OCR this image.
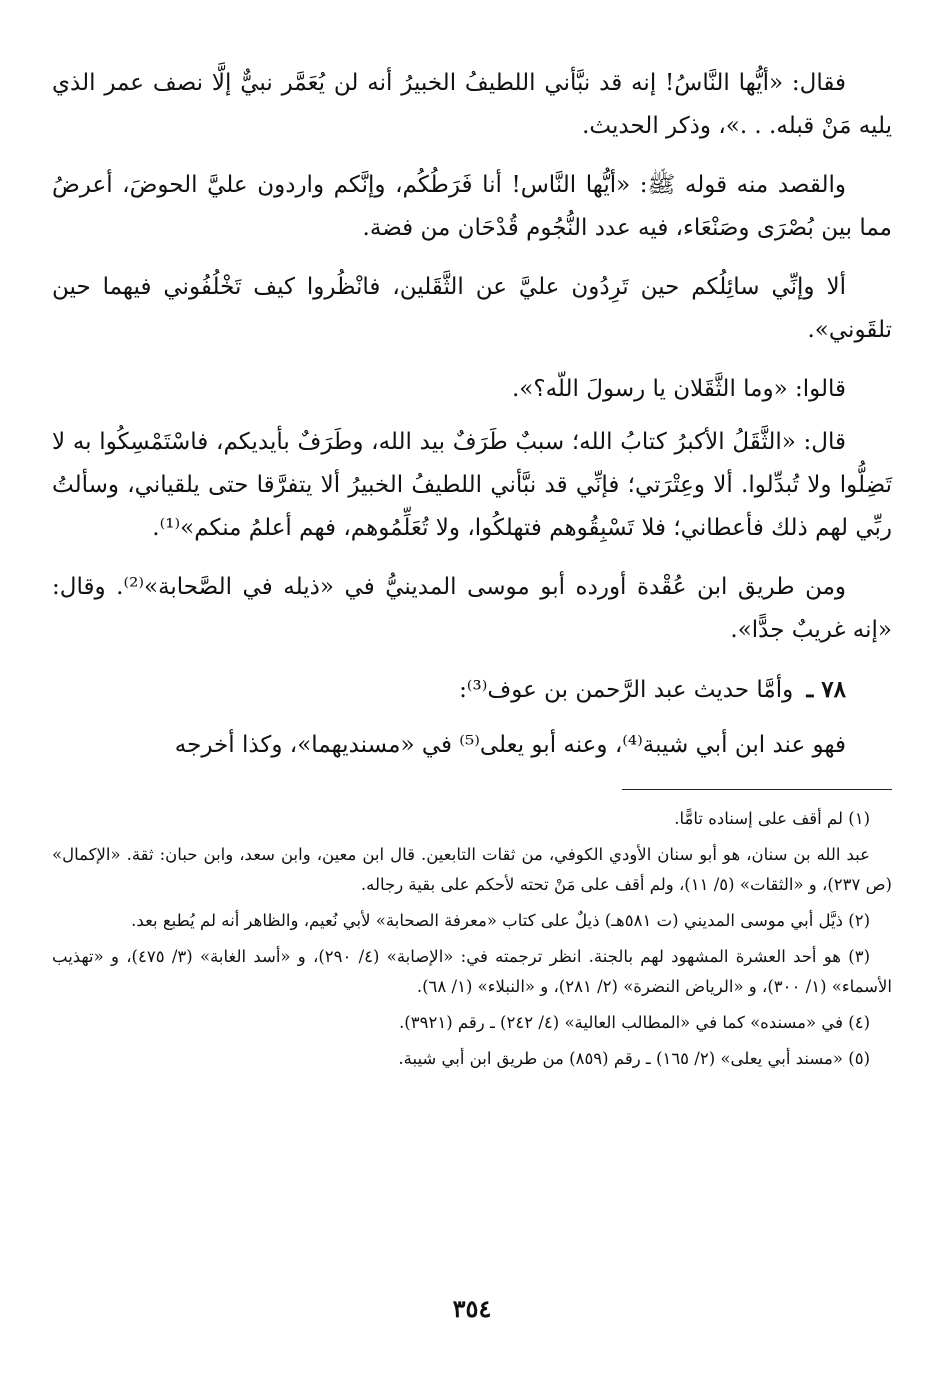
فقال: «أيُّها النَّاسُ! إنه قد نبَّأني اللطيفُ الخبيرُ أنه لن يُعَمَّر نبيٌّ إلَّا نصف عمر الذي يليه مَنْ قبله. . .»، وذكر الحديث.

والقصد منه قوله ﷺ: «أيُّها النَّاس! أنا فَرَطُكُم، وإنَّكم واردون عليَّ الحوضَ، أعرضُ مما بين بُصْرَى وصَنْعَاء، فيه عدد النُّجُوم قُدْحَان من فضة.

ألا وإنِّي سائِلُكم حين تَرِدُون عليَّ عن الثَّقَلين، فانْظُروا كيف تَخْلُفُوني فيهما حين تلقَوني».

قالوا: «وما الثَّقَلان يا رسولَ اللّه؟».

قال: «الثَّقَلُ الأكبرُ كتابُ الله؛ سببٌ طَرَفٌ بيد الله، وطَرَفٌ بأيديكم، فاسْتَمْسِكُوا به لا تَضِلُّوا ولا تُبدِّلوا. ألا وعِتْرَتي؛ فإنِّي قد نبَّأني اللطيفُ الخبيرُ ألا يتفرَّقا حتى يلقياني، وسألتُ ربِّي لهم ذلك فأعطاني؛ فلا تَسْبِقُوهم فتهلكُوا، ولا تُعَلِّمُوهم، فهم أعلمُ منكم»⁽¹⁾.

ومن طريق ابن عُقْدة أورده أبو موسى المدينيُّ في «ذيله في الصَّحابة»⁽²⁾. وقال: «إنه غريبٌ جدًّا».

٧٨ ـ وأمَّا حديث عبد الرَّحمن بن عوف⁽³⁾:

فهو عند ابن أبي شيبة⁽⁴⁾، وعنه أبو يعلى⁽⁵⁾ في «مسنديهما»، وكذا أخرجه

(١) لم أقف على إسناده تامًّا.

عبد الله بن سنان، هو أبو سنان الأودي الكوفي، من ثقات التابعين. قال ابن معين، وابن سعد، وابن حبان: ثقة. «الإكمال» (ص ٢٣٧)، و «الثقات» (٥/ ١١)، ولم أقف على مَنْ تحته لأحكم على بقية رجاله.

(٢) ذيَّل أبي موسى المديني (ت ٥٨١هـ) ذيلٌ على كتاب «معرفة الصحابة» لأبي نُعيم، والظاهر أنه لم يُطبع بعد.

(٣) هو أحد العشرة المشهود لهم بالجنة. انظر ترجمته في: «الإصابة» (٤/ ٢٩٠)، و «أسد الغابة» (٣/ ٤٧٥)، و «تهذيب الأسماء» (١/ ٣٠٠)، و «الرياض النضرة» (٢/ ٢٨١)، و «النبلاء» (١/ ٦٨).

(٤) في «مسنده» كما في «المطالب العالية» (٤/ ٢٤٢) ـ رقم (٣٩٢١).

(٥) «مسند أبي يعلى» (٢/ ١٦٥) ـ رقم (٨٥٩) من طريق ابن أبي شيبة.

٣٥٤
